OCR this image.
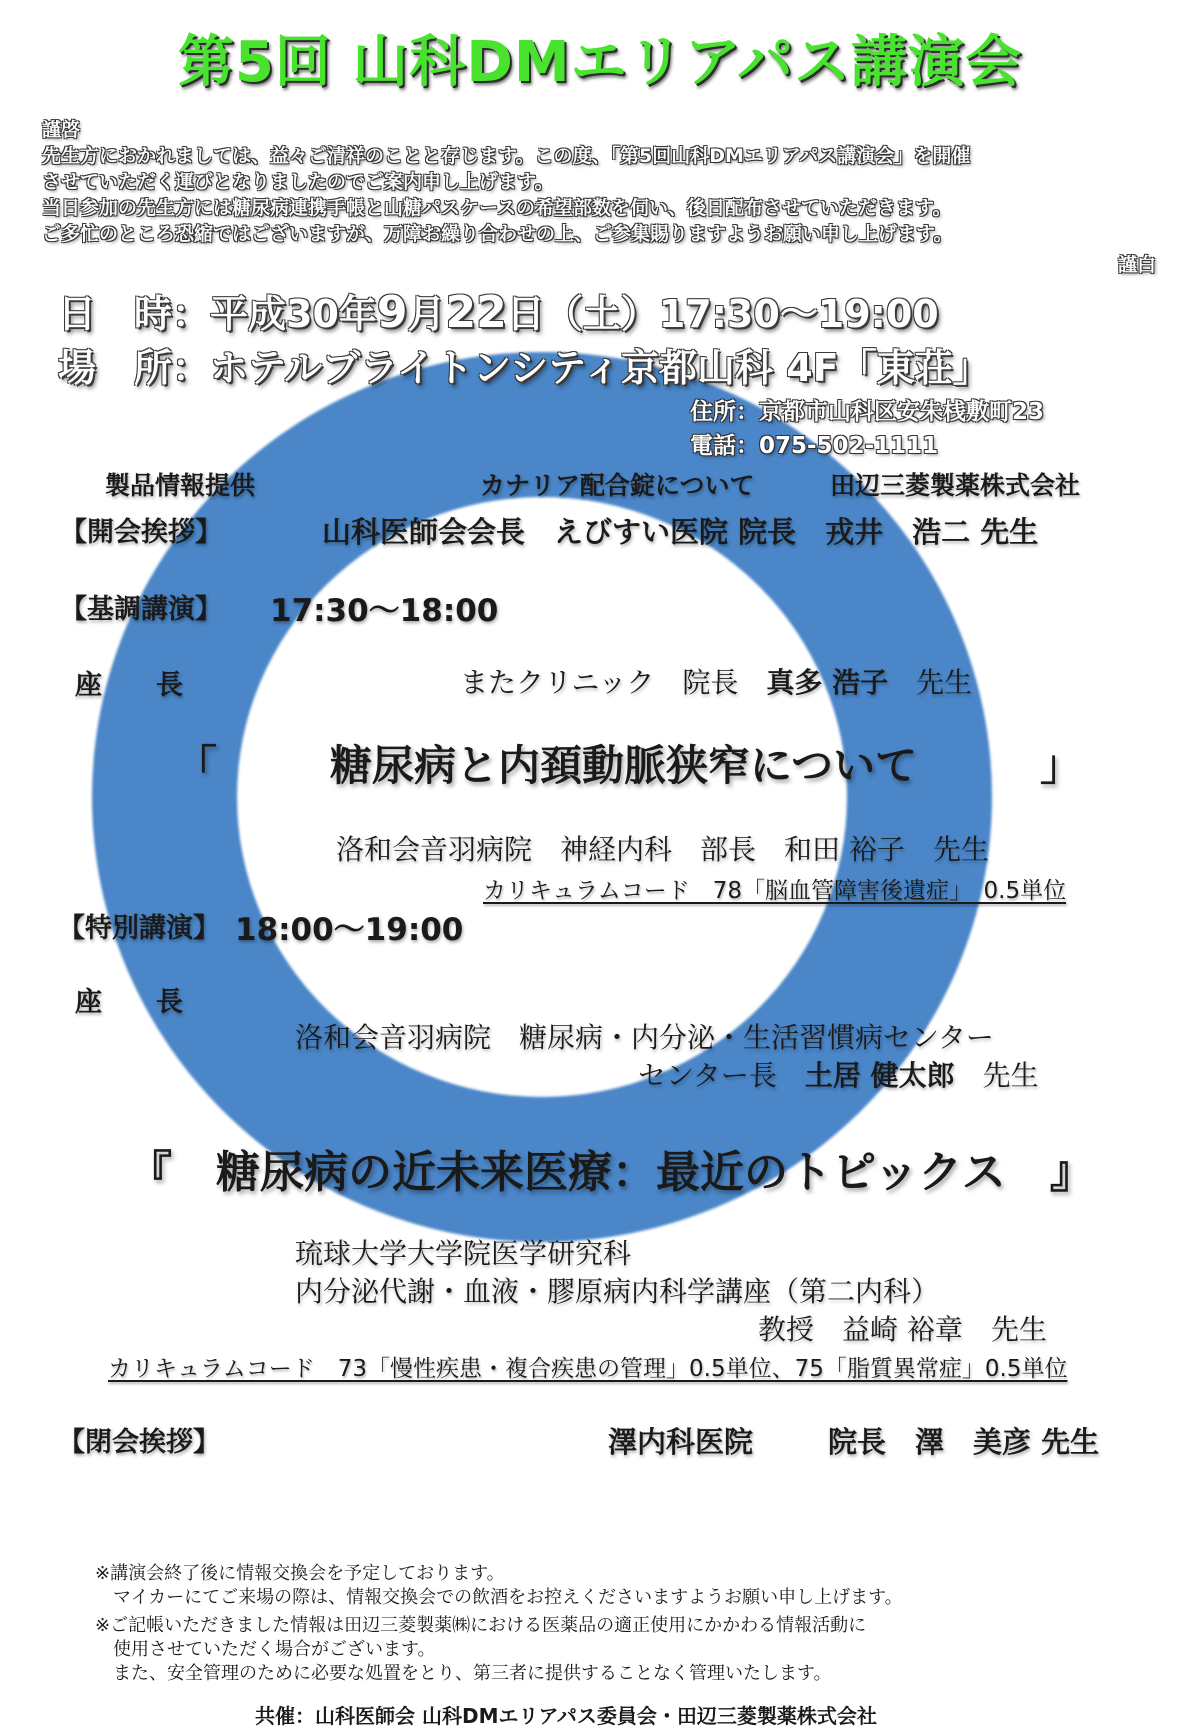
第5回 山科DMエリアパス講演会
謹啓
先生方におかれましては、益々ご清祥のことと存じます。この度、「第5回山科DMエリアパス講演会」を開催
させていただく運びとなりましたのでご案内申し上げます。
当日参加の先生方には糖尿病連携手帳と山糖パスケースの希望部数を伺い、後日配布させていただきます。
ご多忙のところ恐縮ではございますが、万障お繰り合わせの上、ご参集賜りますようお願い申し上げます。
謹白
日　時：平成30年9月22日（土）17:30〜19:00
場　所：ホテルブライトンシティ京都山科 4F「東荘」
住所：京都市山科区安朱桟敷町23
電話：075-502-1111
製品情報提供	カナリア配合錠について	田辺三菱製薬株式会社
【開会挨拶】	山科医師会会長　えびすい医院 院長　戎井　浩二 先生
【基調講演】 17:30〜18:00
座　　長	またクリニック　院長　 真多 浩子　 先生
「	糖尿病と内頚動脈狭窄について	」
洛和会音羽病院　神経内科　部長　 和田 裕子　 先生
カリキュラムコード　78「脳血管障害後遺症」　0.5単位
【特別講演】 18:00〜19:00
座　　長
洛和会音羽病院　糖尿病・内分泌・生活習慣病センター
センター長　 土居 健太郎　 先生
『　糖尿病の近未来医療：最近のトピックス　』
琉球大学大学院医学研究科
内分泌代謝・血液・膠原病内科学講座（第二内科）
教授　 益崎 裕章　 先生
カリキュラムコード　73「慢性疾患・複合疾患の管理」0.5単位、75「脂質異常症」0.5単位
【閉会挨拶】	澤内科医院	院長　澤　美彦 先生
※講演会終了後に情報交換会を予定しております。
　マイカーにてご来場の際は、情報交換会での飲酒をお控えくださいますようお願い申し上げます。
※ご記帳いただきました情報は田辺三菱製薬㈱における医薬品の適正使用にかかわる情報活動に
　使用させていただく場合がございます。
　また、安全管理のために必要な処置をとり、第三者に提供することなく管理いたします。
共催：山科医師会 山科DMエリアパス委員会・田辺三菱製薬株式会社
